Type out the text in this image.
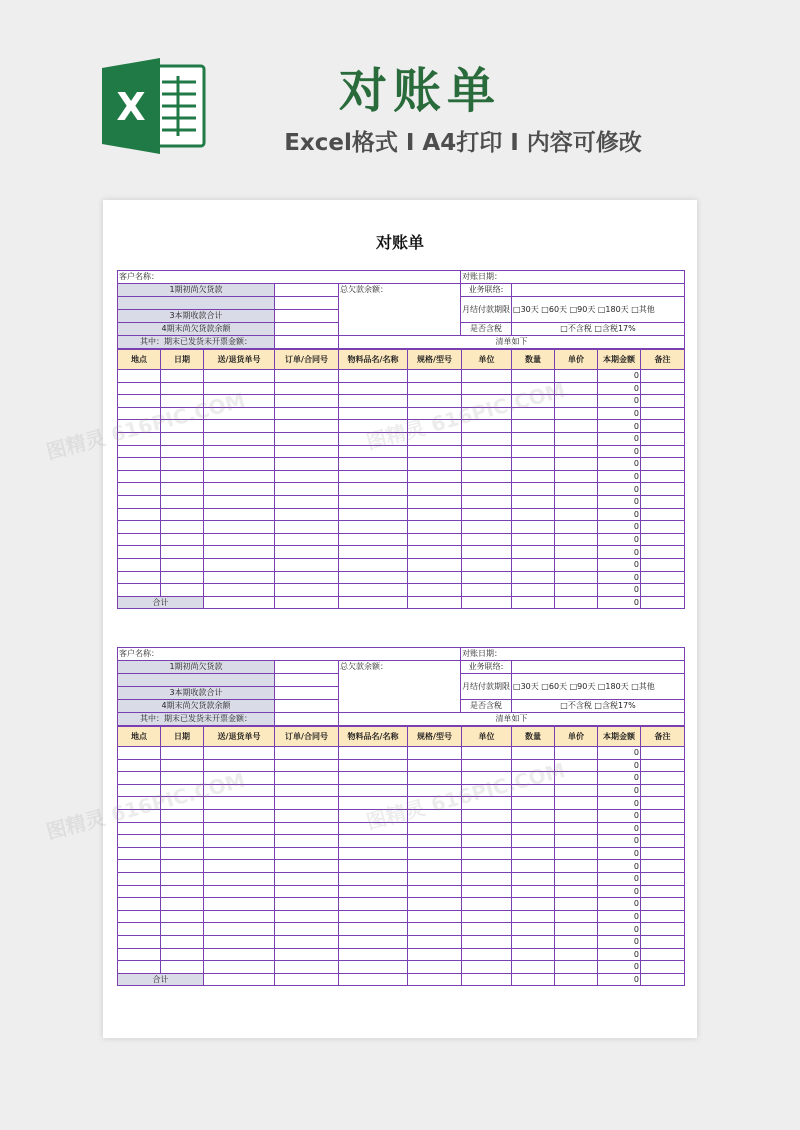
X	对账单
Excel格式 I A4打印 I 内容可修改
对账单
客户名称：			对账日期：	
1期初尚欠货款		总欠款余额：	业务联络:	
			月结付款期限	□30天 □60天 □90天 □180天 □其他
3本期收款合计				
4期末尚欠货款余额			是否含税	□不含税 □含税17%
其中：期末已发货未开票金额：		清单如下		
地点	日期	送/退货单号	订单/合同号	物料品名/名称	规格/型号	单位	数量	单价	本期金额	备注
									0	
									0	
									0	
									0	
									0	
									0	
									0	
									0	
									0	
									0	
									0	
									0	
									0	
									0	
									0	
									0	
									0	
									0	
合计									0	
客户名称：			对账日期：	
1期初尚欠货款		总欠款余额：	业务联络:	
			月结付款期限	□30天 □60天 □90天 □180天 □其他
3本期收款合计				
4期末尚欠货款余额			是否含税	□不含税 □含税17%
其中：期末已发货未开票金额：		清单如下		
地点	日期	送/退货单号	订单/合同号	物料品名/名称	规格/型号	单位	数量	单价	本期金额	备注
									0	
									0	
									0	
									0	
									0	
									0	
									0	
									0	
									0	
									0	
									0	
									0	
									0	
									0	
									0	
									0	
									0	
									0	
合计									0	
图精灵 616PIC.COM	图精灵 616PIC.COM
图精灵 616PIC.COM	图精灵 616PIC.COM
